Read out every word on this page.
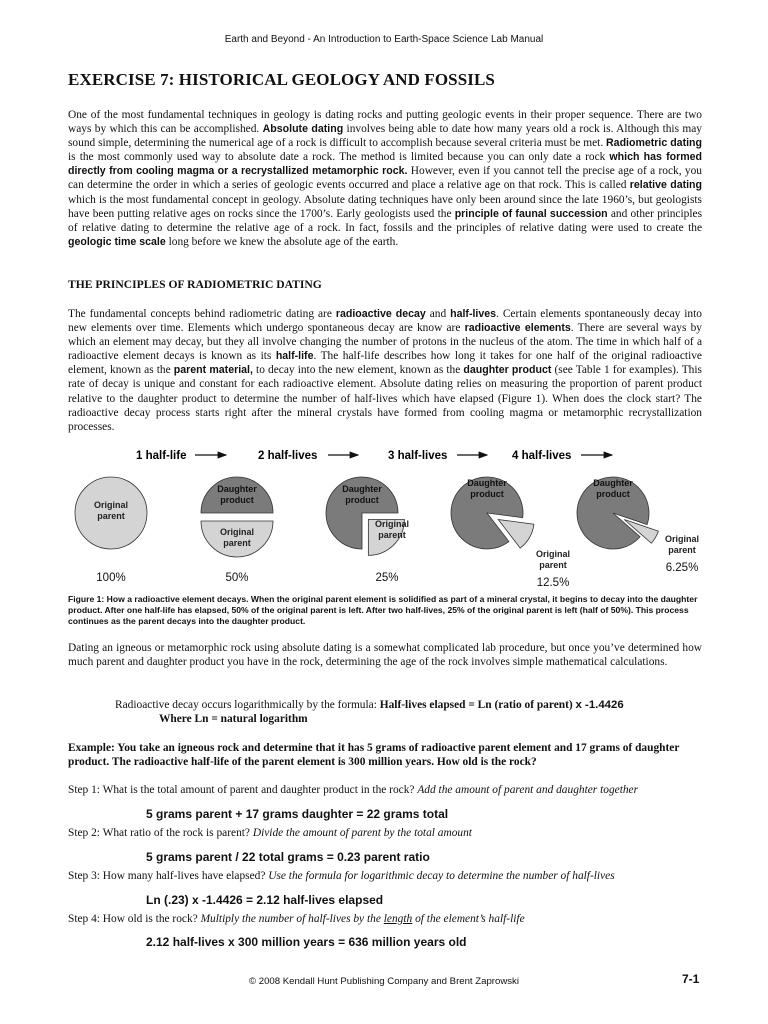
Earth and Beyond - An Introduction to Earth-Space Science Lab Manual
EXERCISE 7: HISTORICAL GEOLOGY AND FOSSILS
One of the most fundamental techniques in geology is dating rocks and putting geologic events in their proper sequence. There are two ways by which this can be accomplished. Absolute dating involves being able to date how many years old a rock is. Although this may sound simple, determining the numerical age of a rock is difficult to accomplish because several criteria must be met. Radiometric dating is the most commonly used way to absolute date a rock. The method is limited because you can only date a rock which has formed directly from cooling magma or a recrystallized metamorphic rock. However, even if you cannot tell the precise age of a rock, you can determine the order in which a series of geologic events occurred and place a relative age on that rock. This is called relative dating which is the most fundamental concept in geology. Absolute dating techniques have only been around since the late 1960’s, but geologists have been putting relative ages on rocks since the 1700’s. Early geologists used the principle of faunal succession and other principles of relative dating to determine the relative age of a rock. In fact, fossils and the principles of relative dating were used to create the geologic time scale long before we knew the absolute age of the earth.
THE PRINCIPLES OF RADIOMETRIC DATING
The fundamental concepts behind radiometric dating are radioactive decay and half-lives. Certain elements spontaneously decay into new elements over time. Elements which undergo spontaneous decay are know are radioactive elements. There are several ways by which an element may decay, but they all involve changing the number of protons in the nucleus of the atom. The time in which half of a radioactive element decays is known as its half-life. The half-life describes how long it takes for one half of the original radioactive element, known as the parent material, to decay into the new element, known as the daughter product (see Table 1 for examples). This rate of decay is unique and constant for each radioactive element. Absolute dating relies on measuring the proportion of parent product relative to the daughter product to determine the number of half-lives which have elapsed (Figure 1). When does the clock start? The radioactive decay process starts right after the mineral crystals have formed from cooling magma or metamorphic recrystallization processes.
1 half-life	2 half-lives	3 half-lives	4 half-lives
Original parent
100%
Original parent
Daughter product
50%
Original parent
Daughter product
25%
Original parent
Daughter product
12.5%
Original parent
Daughter product
6.25%
Figure 1: How a radioactive element decays. When the original parent element is solidified as part of a mineral crystal, it begins to decay into the daughter product. After one half-life has elapsed, 50% of the original parent is left. After two half-lives, 25% of the original parent is left (half of 50%). This process continues as the parent decays into the daughter product.
Dating an igneous or metamorphic rock using absolute dating is a somewhat complicated lab procedure, but once you’ve determined how much parent and daughter product you have in the rock, determining the age of the rock involves simple mathematical calculations.
Radioactive decay occurs logarithmically by the formula: Half-lives elapsed = Ln (ratio of parent) x -1.4426
Where Ln = natural logarithm
Example: You take an igneous rock and determine that it has 5 grams of radioactive parent element and 17 grams of daughter product. The radioactive half-life of the parent element is 300 million years. How old is the rock?
Step 1: What is the total amount of parent and daughter product in the rock? Add the amount of parent and daughter together
5 grams parent + 17 grams daughter = 22 grams total
Step 2: What ratio of the rock is parent? Divide the amount of parent by the total amount
5 grams parent / 22 total grams = 0.23 parent ratio
Step 3: How many half-lives have elapsed? Use the formula for logarithmic decay to determine the number of half-lives
Ln (.23) x -1.4426 = 2.12 half-lives elapsed
Step 4: How old is the rock? Multiply the number of half-lives by the length of the element’s half-life
2.12 half-lives x 300 million years = 636 million years old
© 2008 Kendall Hunt Publishing Company and Brent Zaprowski	7-1
